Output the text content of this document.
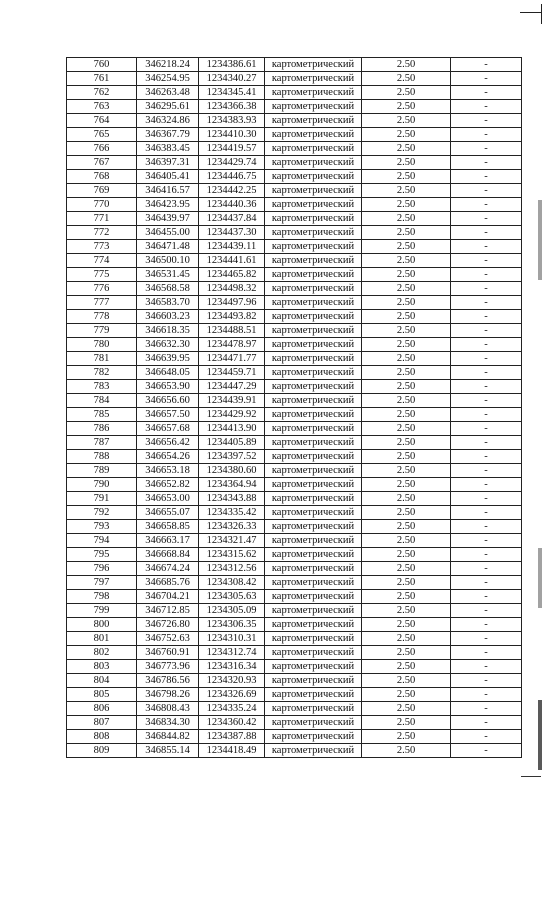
760	346218.24	1234386.61	картометрический	2.50	-
761	346254.95	1234340.27	картометрический	2.50	-
762	346263.48	1234345.41	картометрический	2.50	-
763	346295.61	1234366.38	картометрический	2.50	-
764	346324.86	1234383.93	картометрический	2.50	-
765	346367.79	1234410.30	картометрический	2.50	-
766	346383.45	1234419.57	картометрический	2.50	-
767	346397.31	1234429.74	картометрический	2.50	-
768	346405.41	1234446.75	картометрический	2.50	-
769	346416.57	1234442.25	картометрический	2.50	-
770	346423.95	1234440.36	картометрический	2.50	-
771	346439.97	1234437.84	картометрический	2.50	-
772	346455.00	1234437.30	картометрический	2.50	-
773	346471.48	1234439.11	картометрический	2.50	-
774	346500.10	1234441.61	картометрический	2.50	-
775	346531.45	1234465.82	картометрический	2.50	-
776	346568.58	1234498.32	картометрический	2.50	-
777	346583.70	1234497.96	картометрический	2.50	-
778	346603.23	1234493.82	картометрический	2.50	-
779	346618.35	1234488.51	картометрический	2.50	-
780	346632.30	1234478.97	картометрический	2.50	-
781	346639.95	1234471.77	картометрический	2.50	-
782	346648.05	1234459.71	картометрический	2.50	-
783	346653.90	1234447.29	картометрический	2.50	-
784	346656.60	1234439.91	картометрический	2.50	-
785	346657.50	1234429.92	картометрический	2.50	-
786	346657.68	1234413.90	картометрический	2.50	-
787	346656.42	1234405.89	картометрический	2.50	-
788	346654.26	1234397.52	картометрический	2.50	-
789	346653.18	1234380.60	картометрический	2.50	-
790	346652.82	1234364.94	картометрический	2.50	-
791	346653.00	1234343.88	картометрический	2.50	-
792	346655.07	1234335.42	картометрический	2.50	-
793	346658.85	1234326.33	картометрический	2.50	-
794	346663.17	1234321.47	картометрический	2.50	-
795	346668.84	1234315.62	картометрический	2.50	-
796	346674.24	1234312.56	картометрический	2.50	-
797	346685.76	1234308.42	картометрический	2.50	-
798	346704.21	1234305.63	картометрический	2.50	-
799	346712.85	1234305.09	картометрический	2.50	-
800	346726.80	1234306.35	картометрический	2.50	-
801	346752.63	1234310.31	картометрический	2.50	-
802	346760.91	1234312.74	картометрический	2.50	-
803	346773.96	1234316.34	картометрический	2.50	-
804	346786.56	1234320.93	картометрический	2.50	-
805	346798.26	1234326.69	картометрический	2.50	-
806	346808.43	1234335.24	картометрический	2.50	-
807	346834.30	1234360.42	картометрический	2.50	-
808	346844.82	1234387.88	картометрический	2.50	-
809	346855.14	1234418.49	картометрический	2.50	-
